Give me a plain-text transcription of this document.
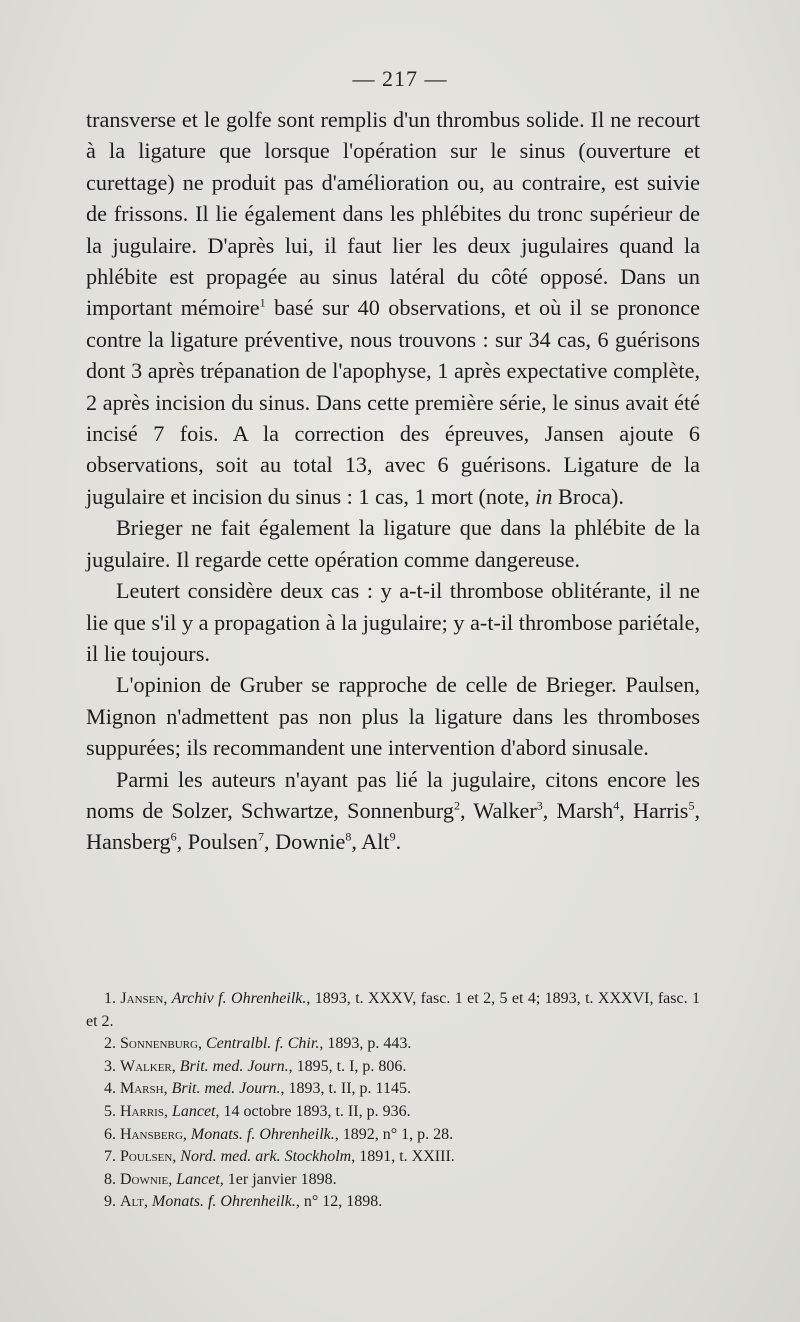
— 217 —

transverse et le golfe sont remplis d'un thrombus solide. Il ne recourt à la ligature que lorsque l'opération sur le sinus (ouverture et curettage) ne produit pas d'amélioration ou, au contraire, est suivie de frissons. Il lie également dans les phlébites du tronc supérieur de la jugulaire. D'après lui, il faut lier les deux jugulaires quand la phlébite est propagée au sinus latéral du côté opposé. Dans un important mémoire$^1$ basé sur 40 observations, et où il se prononce contre la ligature préventive, nous trouvons : sur 34 cas, 6 guérisons dont 3 après trépanation de l'apophyse, 1 après expectative complète, 2 après incision du sinus. Dans cette première série, le sinus avait été incisé 7 fois. A la correction des épreuves, Jansen ajoute 6 observations, soit au total 13, avec 6 guérisons. Ligature de la jugulaire et incision du sinus : 1 cas, 1 mort (note, in Broca).

Brieger ne fait également la ligature que dans la phlébite de la jugulaire. Il regarde cette opération comme dangereuse.

Leutert considère deux cas : y a-t-il thrombose oblitérante, il ne lie que s'il y a propagation à la jugulaire; y a-t-il thrombose pariétale, il lie toujours.

L'opinion de Gruber se rapproche de celle de Brieger. Paulsen, Mignon n'admettent pas non plus la ligature dans les thromboses suppurées; ils recommandent une intervention d'abord sinusale.

Parmi les auteurs n'ayant pas lié la jugulaire, citons encore les noms de Solzer, Schwartze, Sonnenburg$^2$, Walker$^3$, Marsh$^4$, Harris$^5$, Hansberg$^6$, Poulsen$^7$, Downie$^8$, Alt$^9$.

1. Jansen, Archiv f. Ohrenheilk., 1893, t. XXXV, fasc. 1 et 2, 5 et 4; 1893, t. XXXVI, fasc. 1 et 2.

2. Sonnenburg, Centralbl. f. Chir., 1893, p. 443.

3. Walker, Brit. med. Journ., 1895, t. I, p. 806.

4. Marsh, Brit. med. Journ., 1893, t. II, p. 1145.

5. Harris, Lancet, 14 octobre 1893, t. II, p. 936.

6. Hansberg, Monats. f. Ohrenheilk., 1892, n° 1, p. 28.

7. Poulsen, Nord. med. ark. Stockholm, 1891, t. XXIII.

8. Downie, Lancet, 1er janvier 1898.

9. Alt, Monats. f. Ohrenheilk., n° 12, 1898.
